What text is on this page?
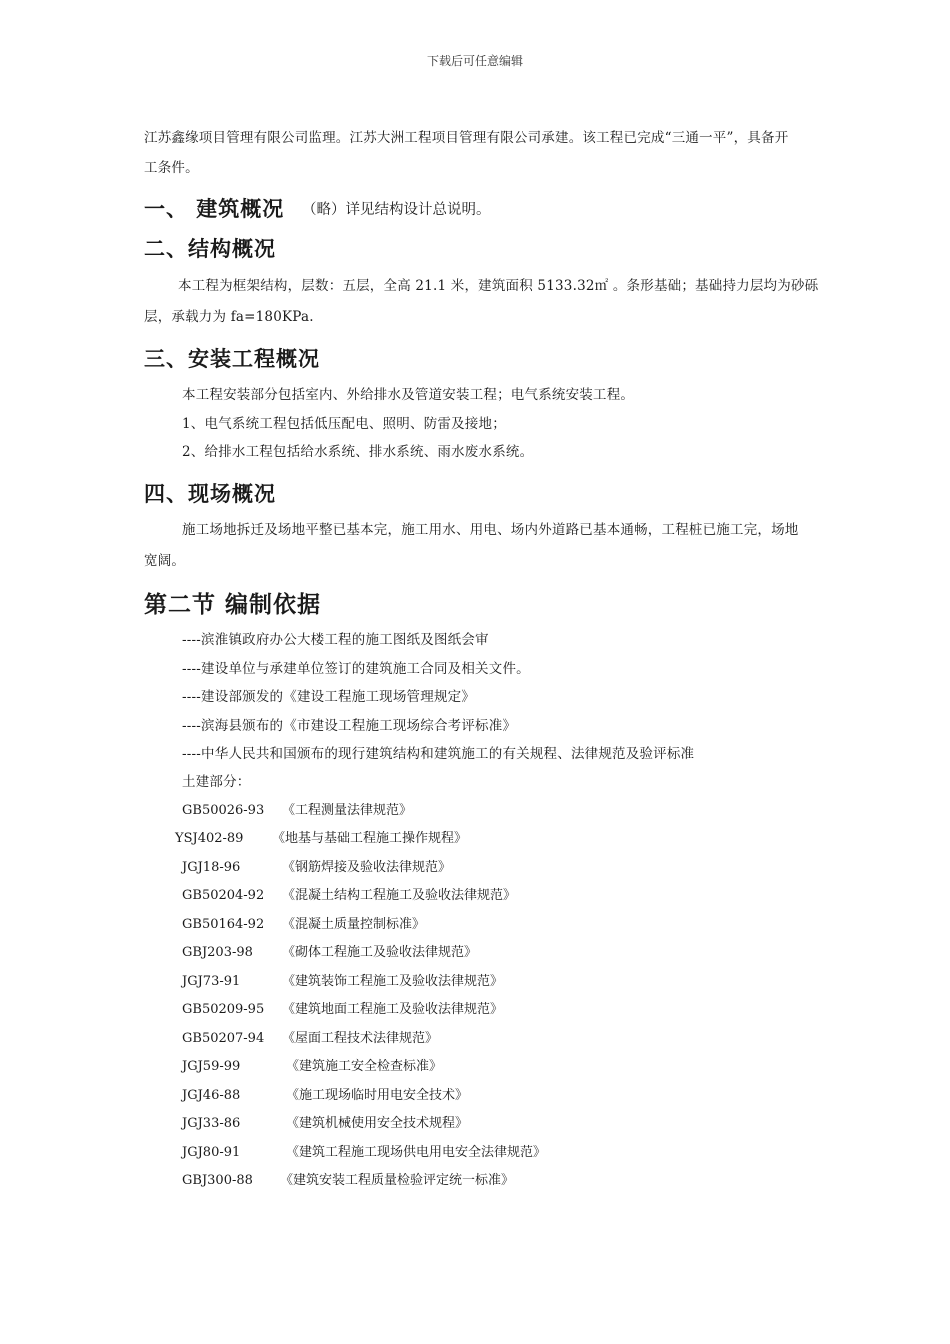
下载后可任意编辑
江苏鑫缘项目管理有限公司监理。江苏大洲工程项目管理有限公司承建。该工程已完成“三通一平”，具备开
工条件。
一、 建筑概况 （略）详见结构设计总说明。
二、结构概况
本工程为框架结构，层数：五层，全高 21.1 米，建筑面积 5133.32㎡ 。条形基础；基础持力层均为砂砾
层，承载力为 fa=180KPa.
三、安装工程概况
本工程安装部分包括室内、外给排水及管道安装工程；电气系统安装工程。
1、电气系统工程包括低压配电、照明、防雷及接地；
2、给排水工程包括给水系统、排水系统、雨水废水系统。
四、现场概况
施工场地拆迁及场地平整已基本完，施工用水、用电、场内外道路已基本通畅，工程桩已施工完，场地
宽阔。
第二节 编制依据
----滨淮镇政府办公大楼工程的施工图纸及图纸会审
----建设单位与承建单位签订的建筑施工合同及相关文件。
----建设部颁发的《建设工程施工现场管理规定》
----滨海县颁布的《市建设工程施工现场综合考评标准》
----中华人民共和国颁布的现行建筑结构和建筑施工的有关规程、法律规范及验评标准
土建部分：
GB50026-93 《工程测量法律规范》
YSJ402-89 《地基与基础工程施工操作规程》
JGJ18-96	《钢筋焊接及验收法律规范》
GB50204-92 《混凝土结构工程施工及验收法律规范》
GB50164-92 《混凝土质量控制标准》
GBJ203-98 《砌体工程施工及验收法律规范》
JGJ73-91	《建筑装饰工程施工及验收法律规范》
GB50209-95 《建筑地面工程施工及验收法律规范》
GB50207-94 《屋面工程技术法律规范》
JGJ59-99	《建筑施工安全检查标准》
JGJ46-88	《施工现场临时用电安全技术》
JGJ33-86	《建筑机械使用安全技术规程》
JGJ80-91	《建筑工程施工现场供电用电安全法律规范》
GBJ300-88 《建筑安装工程质量检验评定统一标准》
